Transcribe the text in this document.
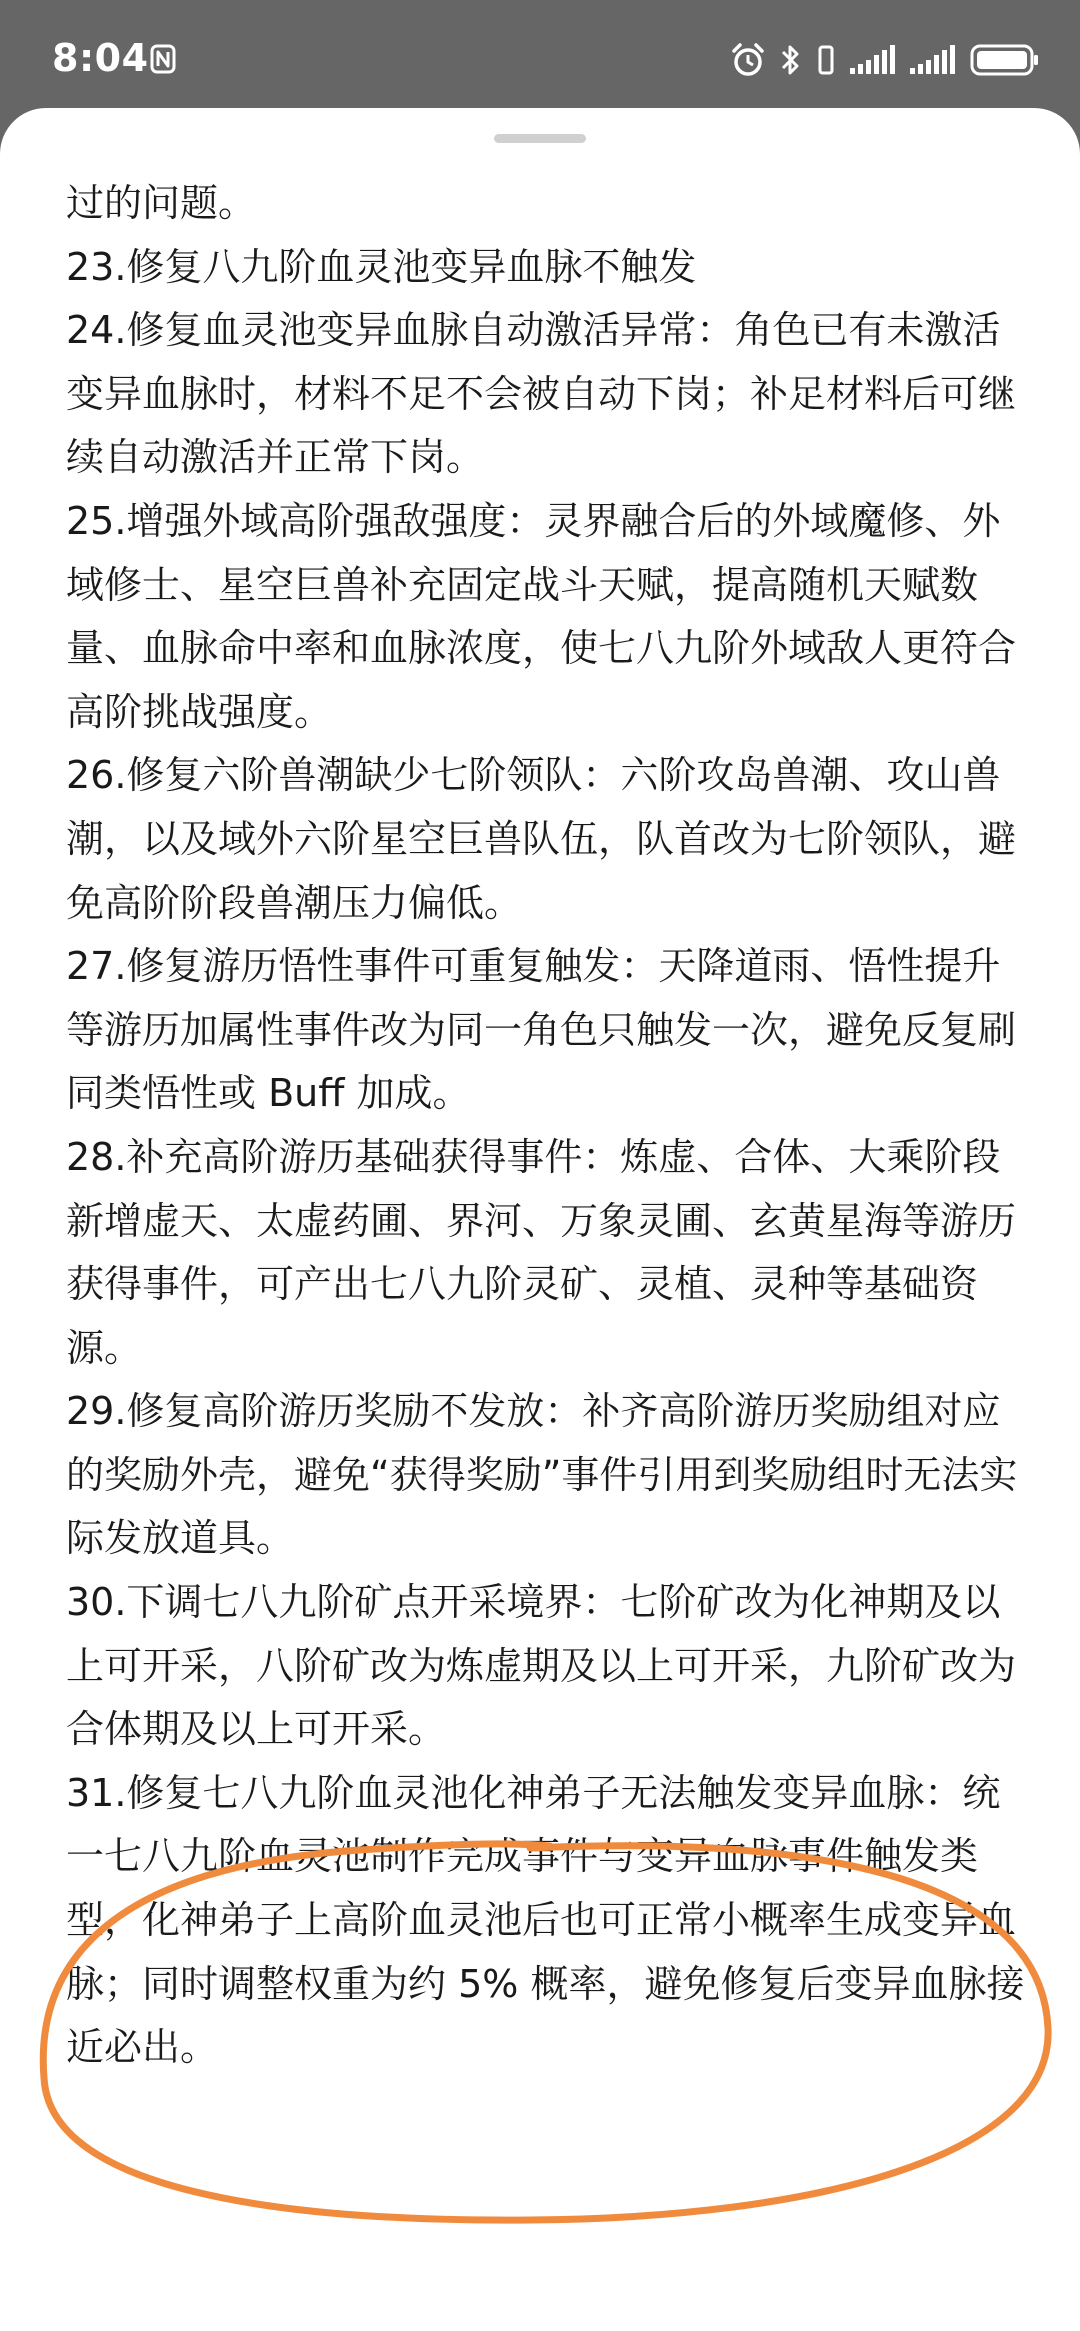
8:04

过的问题。

23.修复八九阶血灵池变异血脉不触发

24.修复血灵池变异血脉自动激活异常：角色已有未激活变异血脉时，材料不足不会被自动下岗；补足材料后可继续自动激活并正常下岗。

25.增强外域高阶强敌强度：灵界融合后的外域魔修、外域修士、星空巨兽补充固定战斗天赋，提高随机天赋数量、血脉命中率和血脉浓度，使七八九阶外域敌人更符合高阶挑战强度。

26.修复六阶兽潮缺少七阶领队：六阶攻岛兽潮、攻山兽潮，以及域外六阶星空巨兽队伍，队首改为七阶领队，避免高阶阶段兽潮压力偏低。

27.修复游历悟性事件可重复触发：天降道雨、悟性提升等游历加属性事件改为同一角色只触发一次，避免反复刷同类悟性或 Buff 加成。

28.补充高阶游历基础获得事件：炼虚、合体、大乘阶段新增虚天、太虚药圃、界河、万象灵圃、玄黄星海等游历获得事件，可产出七八九阶灵矿、灵植、灵种等基础资源。

29.修复高阶游历奖励不发放：补齐高阶游历奖励组对应的奖励外壳，避免“获得奖励”事件引用到奖励组时无法实际发放道具。

30.下调七八九阶矿点开采境界：七阶矿改为化神期及以上可开采，八阶矿改为炼虚期及以上可开采，九阶矿改为合体期及以上可开采。

31.修复七八九阶血灵池化神弟子无法触发变异血脉：统一七八九阶血灵池制作完成事件与变异血脉事件触发类型，化神弟子上高阶血灵池后也可正常小概率生成变异血脉；同时调整权重为约 5% 概率，避免修复后变异血脉接近必出。
